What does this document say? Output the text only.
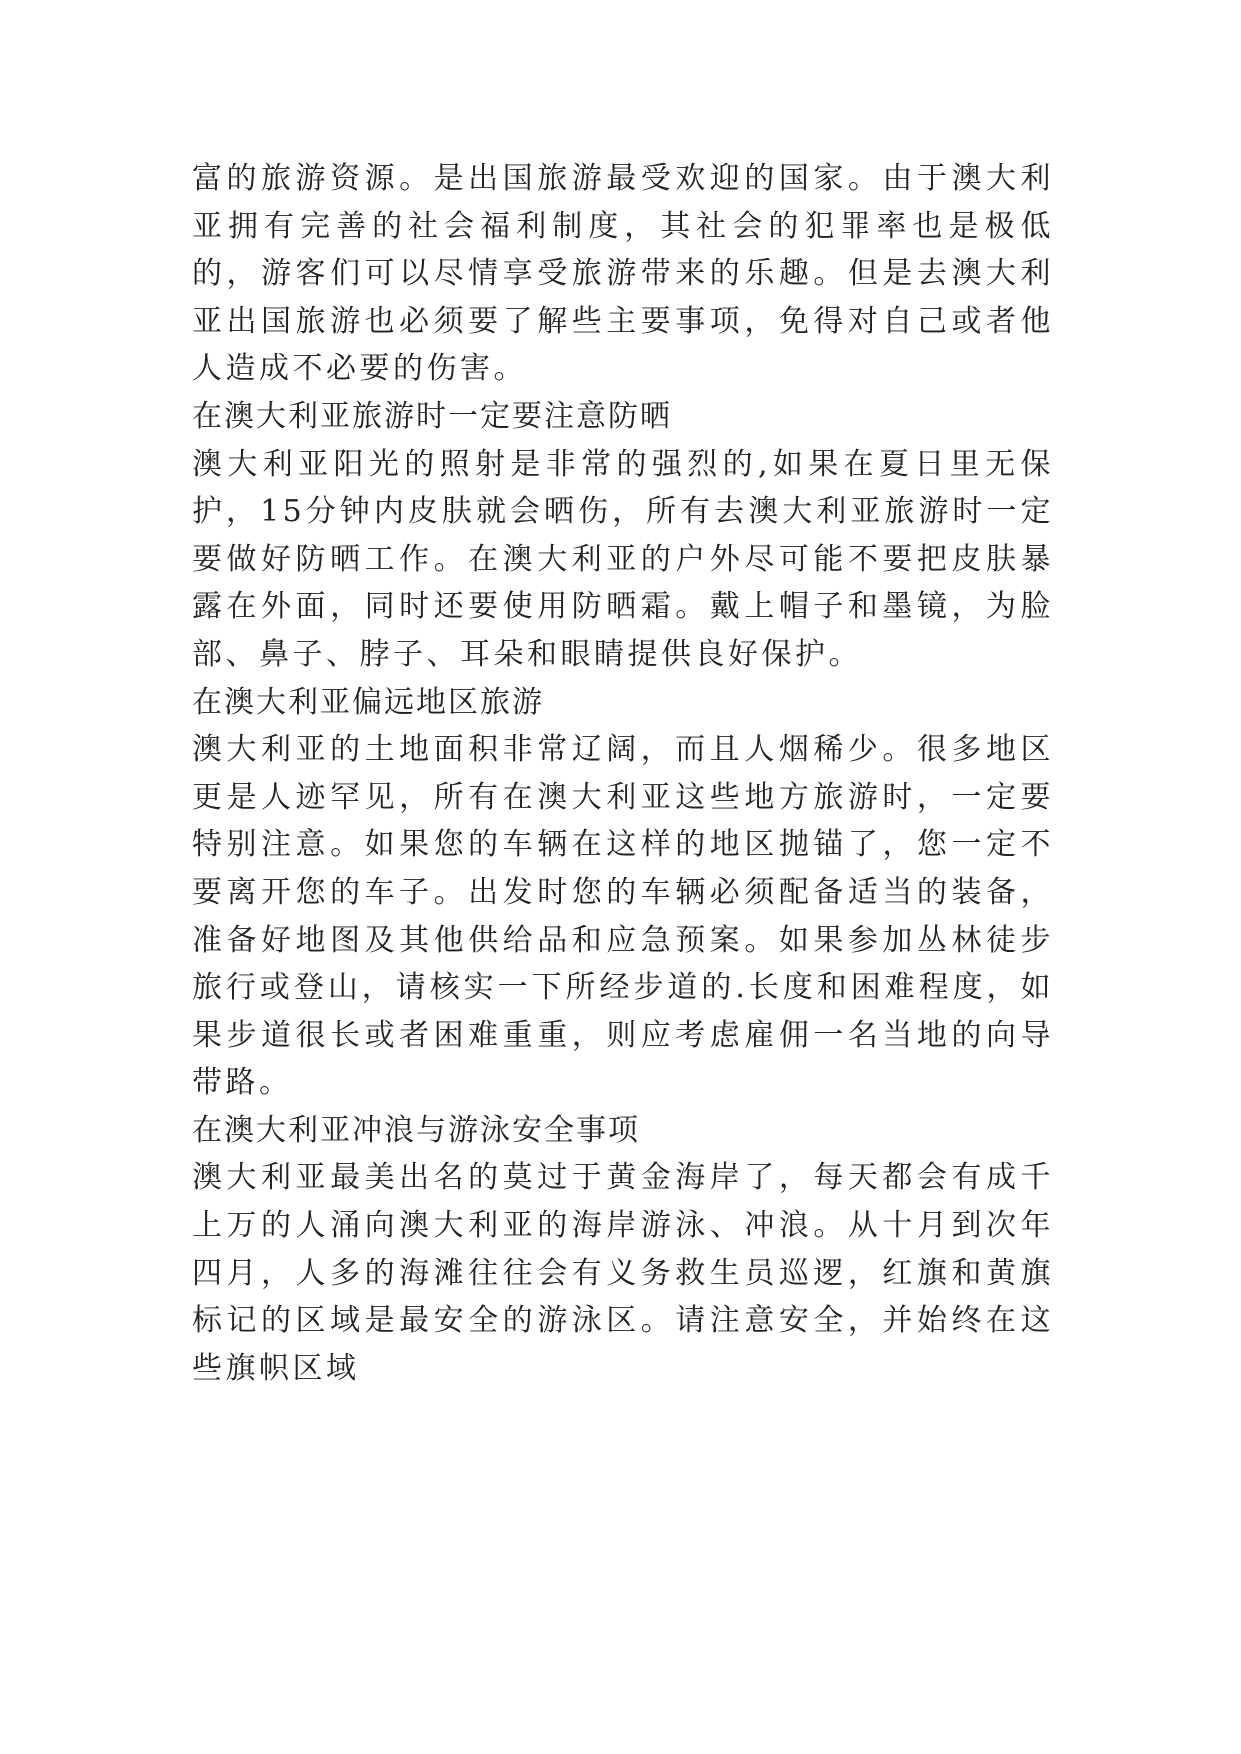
富的旅游资源。是出国旅游最受欢迎的国家。由于澳大利亚拥有完善的社会福利制度，其社会的犯罪率也是极低的，游客们可以尽情享受旅游带来的乐趣。但是去澳大利亚出国旅游也必须要了解些主要事项，免得对自己或者他人造成不必要的伤害。

在澳大利亚旅游时一定要注意防晒

澳大利亚阳光的照射是非常的强烈的,如果在夏日里无保护，15分钟内皮肤就会晒伤，所有去澳大利亚旅游时一定要做好防晒工作。在澳大利亚的户外尽可能不要把皮肤暴露在外面，同时还要使用防晒霜。戴上帽子和墨镜，为脸部、鼻子、脖子、耳朵和眼睛提供良好保护。

在澳大利亚偏远地区旅游

澳大利亚的土地面积非常辽阔，而且人烟稀少。很多地区更是人迹罕见，所有在澳大利亚这些地方旅游时，一定要特别注意。如果您的车辆在这样的地区抛锚了，您一定不要离开您的车子。出发时您的车辆必须配备适当的装备，准备好地图及其他供给品和应急预案。如果参加丛林徒步旅行或登山，请核实一下所经步道的.长度和困难程度，如果步道很长或者困难重重，则应考虑雇佣一名当地的向导带路。

在澳大利亚冲浪与游泳安全事项

澳大利亚最美出名的莫过于黄金海岸了，每天都会有成千上万的人涌向澳大利亚的海岸游泳、冲浪。从十月到次年四月，人多的海滩往往会有义务救生员巡逻，红旗和黄旗标记的区域是最安全的游泳区。请注意安全，并始终在这些旗帜区域
